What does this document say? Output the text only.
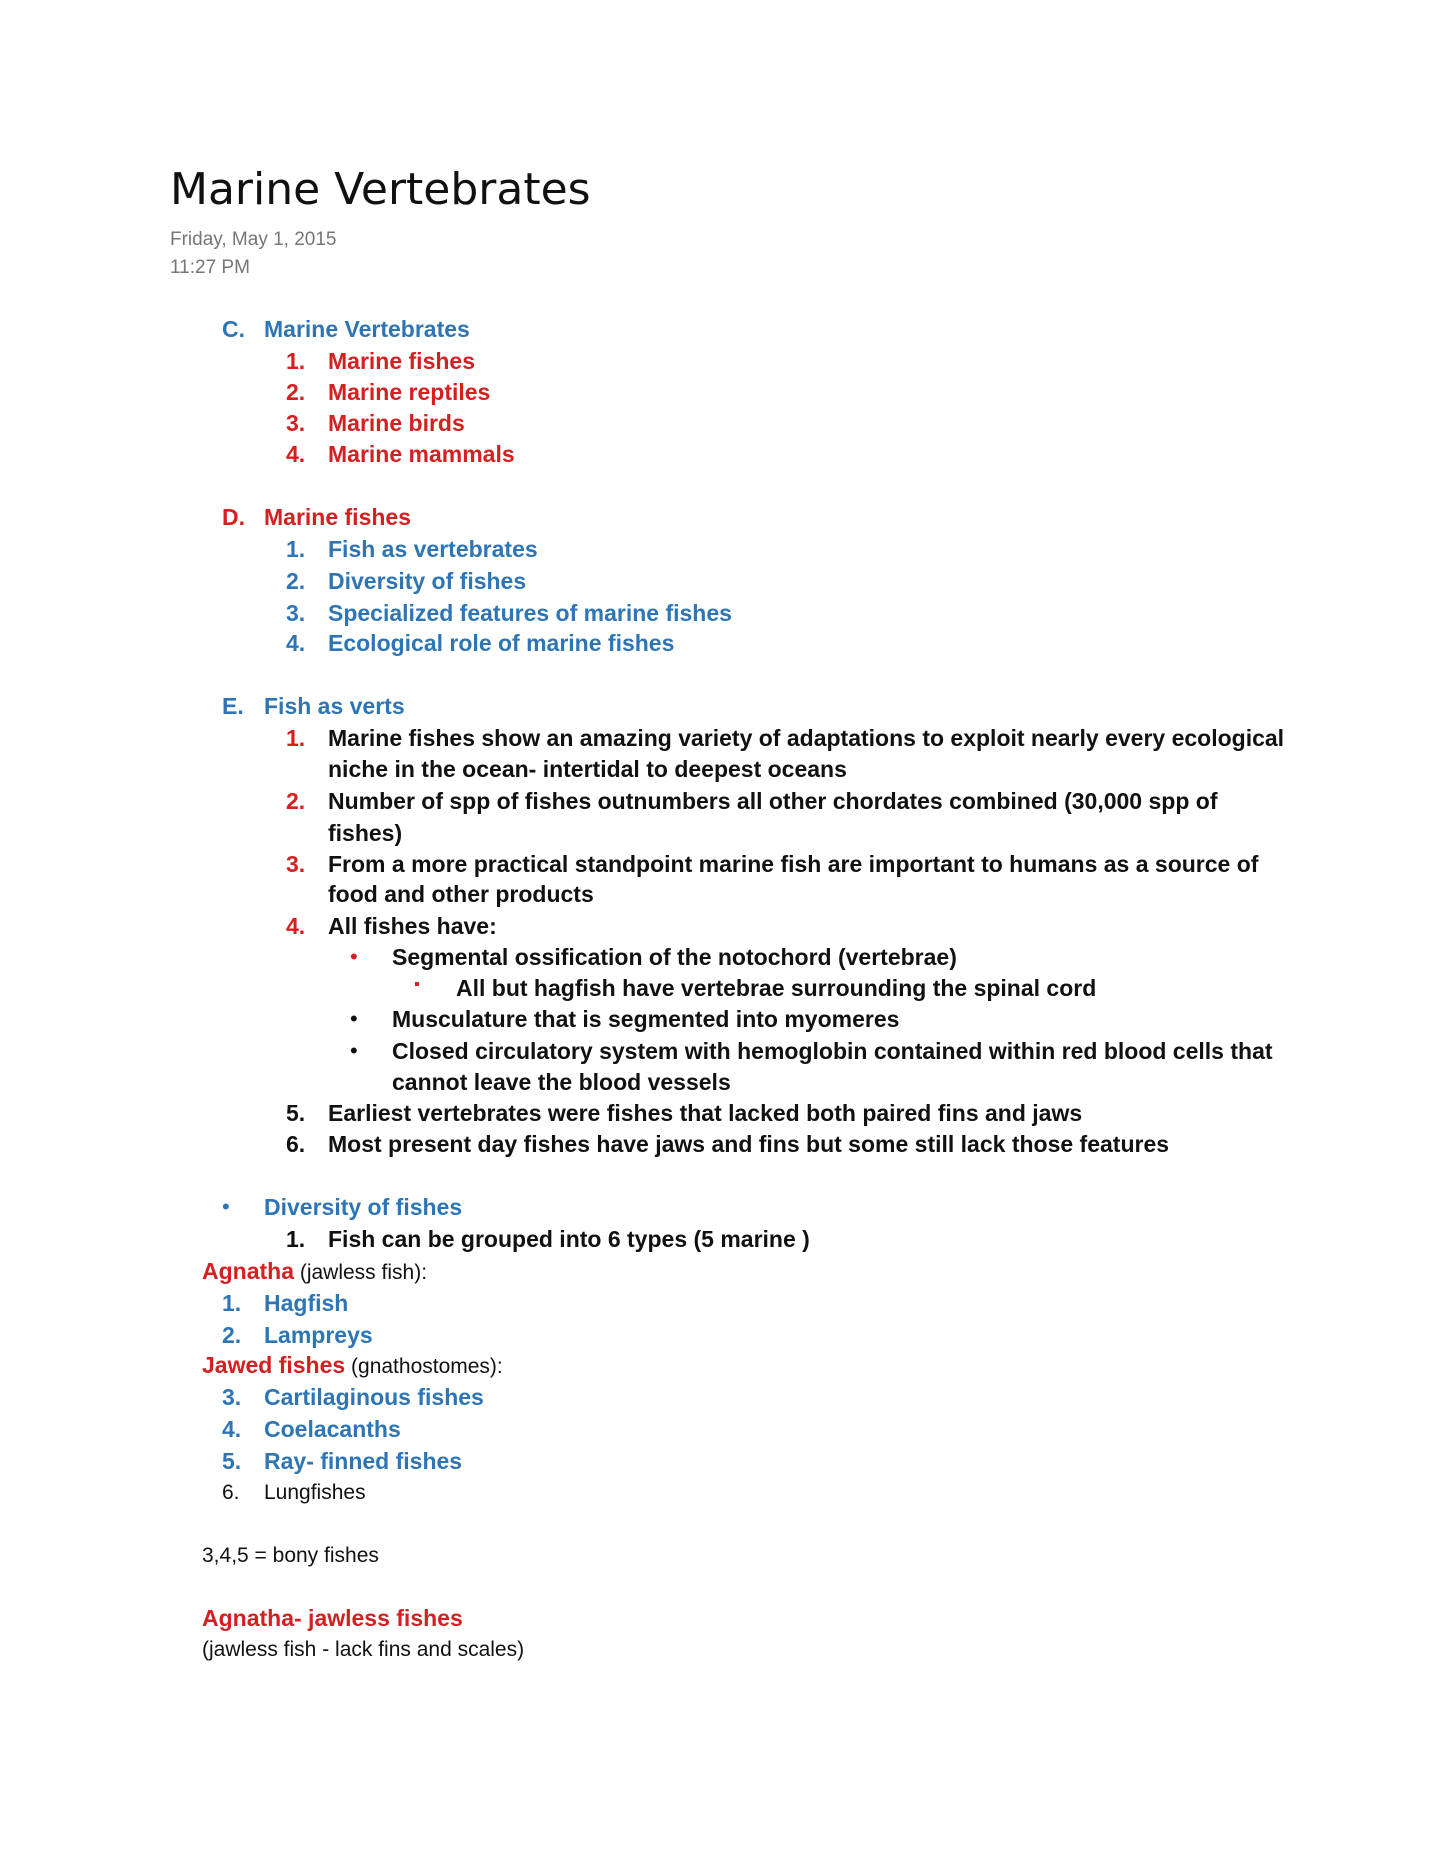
Marine Vertebrates
Friday, May 1, 2015
11:27 PM
C. Marine Vertebrates
1. Marine fishes
2. Marine reptiles
3. Marine birds
4. Marine mammals
D. Marine fishes
1. Fish as vertebrates
2. Diversity of fishes
3. Specialized features of marine fishes
4. Ecological role of marine fishes
E. Fish as verts
1. Marine fishes show an amazing variety of adaptations to exploit nearly every ecological
niche in the ocean- intertidal to deepest oceans
2. Number of spp of fishes outnumbers all other chordates combined (30,000 spp of
fishes)
3. From a more practical standpoint marine fish are important to humans as a source of
food and other products
4. All fishes have:
• Segmental ossification of the notochord (vertebrae)
▪ All but hagfish have vertebrae surrounding the spinal cord
• Musculature that is segmented into myomeres
• Closed circulatory system with hemoglobin contained within red blood cells that
cannot leave the blood vessels
5. Earliest vertebrates were fishes that lacked both paired fins and jaws
6. Most present day fishes have jaws and fins but some still lack those features
• Diversity of fishes
1. Fish can be grouped into 6 types (5 marine )
Agnatha (jawless fish):
1. Hagfish
2. Lampreys
Jawed fishes (gnathostomes):
3. Cartilaginous fishes
4. Coelacanths
5. Ray- finned fishes
6. Lungfishes
3,4,5 = bony fishes
Agnatha- jawless fishes
(jawless fish - lack fins and scales)
